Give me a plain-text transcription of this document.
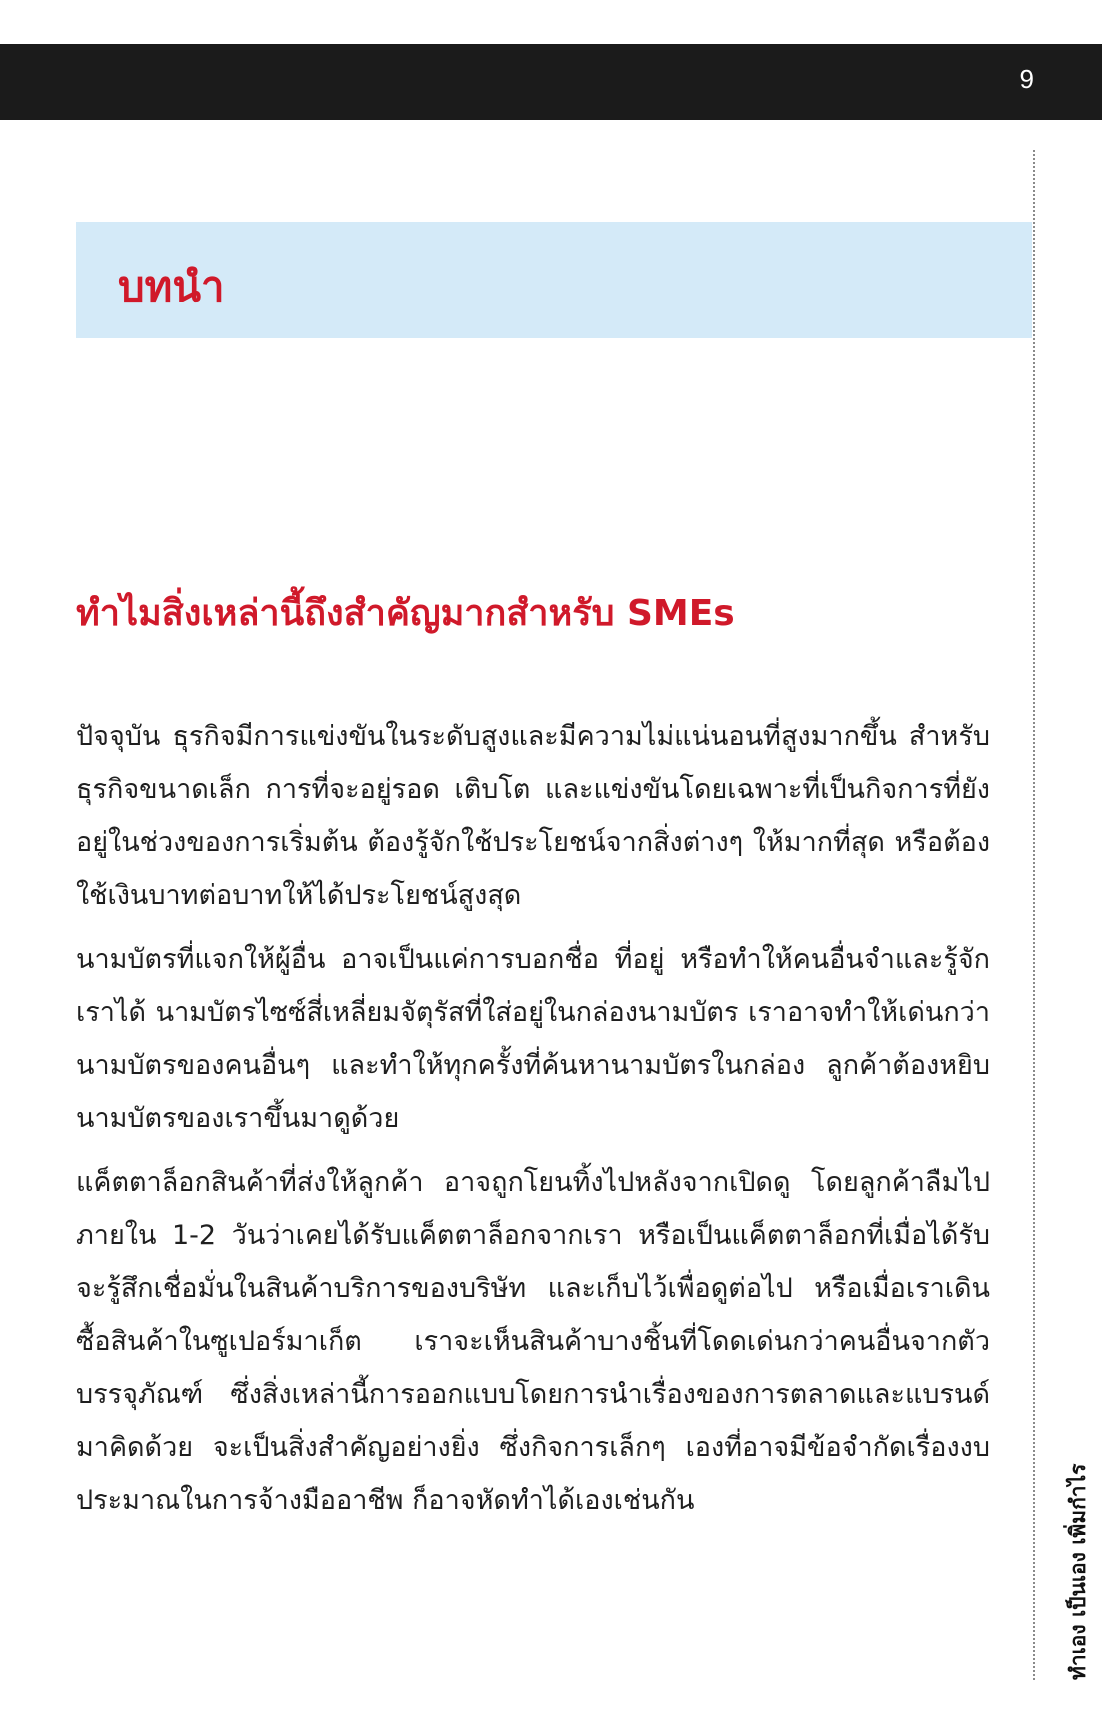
9
ทำเอง เป็นเอง เพิ่มกำไร
บทนำ
ทำไมสิ่งเหล่านี้ถึงสำคัญมากสำหรับ SMEs

ปัจจุบัน ธุรกิจมีการแข่งขันในระดับสูงและมีความไม่แน่นอนที่สูงมากขึ้น สำหรับธุรกิจขนาดเล็ก การที่จะอยู่รอด เติบโต และแข่งขันโดยเฉพาะที่เป็นกิจการที่ยังอยู่ในช่วงของการเริ่มต้น ต้องรู้จักใช้ประโยชน์จากสิ่งต่างๆ ให้มากที่สุด หรือต้องใช้เงินบาทต่อบาทให้ได้ประโยชน์สูงสุด

นามบัตรที่แจกให้ผู้อื่น อาจเป็นแค่การบอกชื่อ ที่อยู่ หรือทำให้คนอื่นจำและรู้จักเราได้ นามบัตรไซซ์สี่เหลี่ยมจัตุรัสที่ใส่อยู่ในกล่องนามบัตร เราอาจทำให้เด่นกว่านามบัตรของคนอื่นๆ และทำให้ทุกครั้งที่ค้นหานามบัตรในกล่อง ลูกค้าต้องหยิบนามบัตรของเราขึ้นมาดูด้วย

แค็ตตาล็อกสินค้าที่ส่งให้ลูกค้า อาจถูกโยนทิ้งไปหลังจากเปิดดู โดยลูกค้าลืมไปภายใน 1-2 วันว่าเคยได้รับแค็ตตาล็อกจากเรา หรือเป็นแค็ตตาล็อกที่เมื่อได้รับจะรู้สึกเชื่อมั่นในสินค้าบริการของบริษัท และเก็บไว้เพื่อดูต่อไป หรือเมื่อเราเดินซื้อสินค้าในซูเปอร์มาเก็ต เราจะเห็นสินค้าบางชิ้นที่โดดเด่นกว่าคนอื่นจากตัวบรรจุภัณฑ์ ซึ่งสิ่งเหล่านี้การออกแบบโดยการนำเรื่องของการตลาดและแบรนด์มาคิดด้วย จะเป็นสิ่งสำคัญอย่างยิ่ง ซึ่งกิจการเล็กๆ เองที่อาจมีข้อจำกัดเรื่องงบประมาณในการจ้างมืออาชีพ ก็อาจหัดทำได้เองเช่นกัน
